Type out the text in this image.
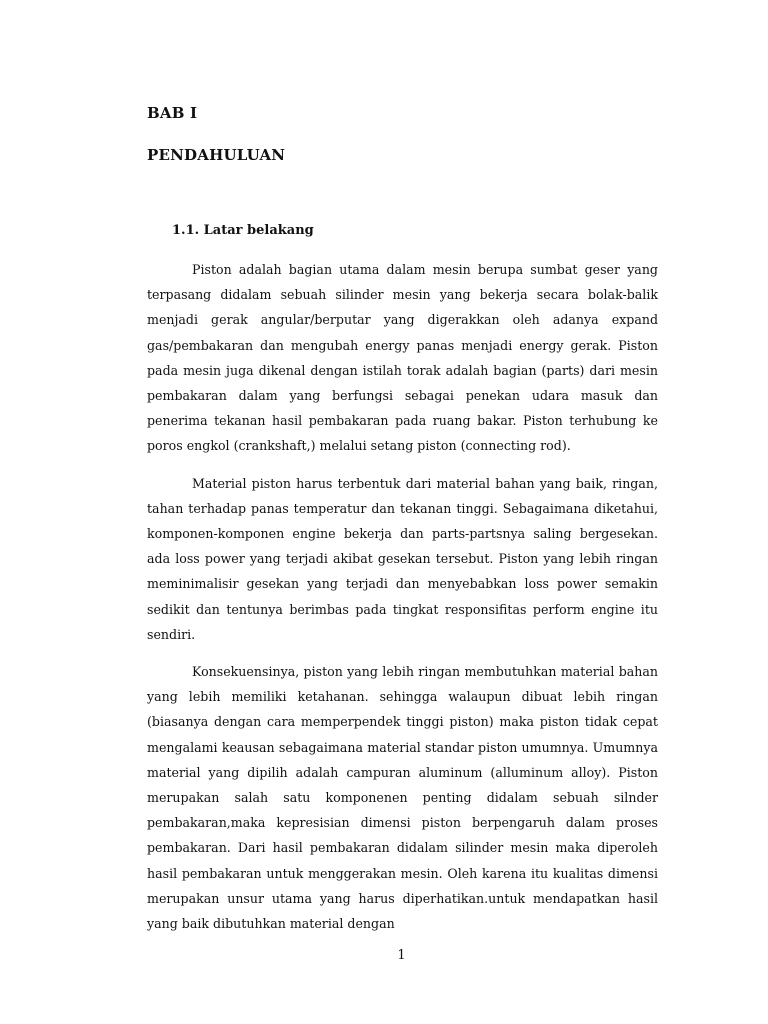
BAB I
PENDAHULUAN
1.1. Latar belakang

Piston adalah bagian utama dalam mesin berupa sumbat geser yang terpasang didalam sebuah silinder mesin yang bekerja secara bolak-balik menjadi gerak angular/berputar yang digerakkan oleh adanya expand gas/pembakaran dan mengubah energy panas menjadi energy gerak. Piston pada mesin juga dikenal dengan istilah torak adalah bagian (parts) dari mesin pembakaran dalam yang berfungsi sebagai penekan udara masuk dan penerima tekanan hasil pembakaran pada ruang bakar. Piston terhubung ke poros engkol (crankshaft,) melalui setang piston (connecting rod).

Material piston harus terbentuk dari material bahan yang baik, ringan, tahan terhadap panas temperatur dan tekanan tinggi. Sebagaimana diketahui, komponen-komponen engine bekerja dan parts-partsnya saling bergesekan. ada loss power yang terjadi akibat gesekan tersebut. Piston yang lebih ringan meminimalisir gesekan yang terjadi dan menyebabkan loss power semakin sedikit dan tentunya berimbas pada tingkat responsifitas perform engine itu sendiri.

Konsekuensinya, piston yang lebih ringan membutuhkan material bahan yang lebih memiliki ketahanan. sehingga walaupun dibuat lebih ringan (biasanya dengan cara memperpendek tinggi piston) maka piston tidak cepat mengalami keausan sebagaimana material standar piston umumnya. Umumnya material yang dipilih adalah campuran aluminum (alluminum alloy). Piston merupakan salah satu komponenen penting didalam sebuah silnder pembakaran,maka kepresisian dimensi piston berpengaruh dalam proses pembakaran. Dari hasil pembakaran didalam silinder mesin maka diperoleh hasil pembakaran untuk menggerakan mesin. Oleh karena itu kualitas dimensi merupakan unsur utama yang harus diperhatikan.untuk mendapatkan hasil yang baik dibutuhkan material dengan

1
